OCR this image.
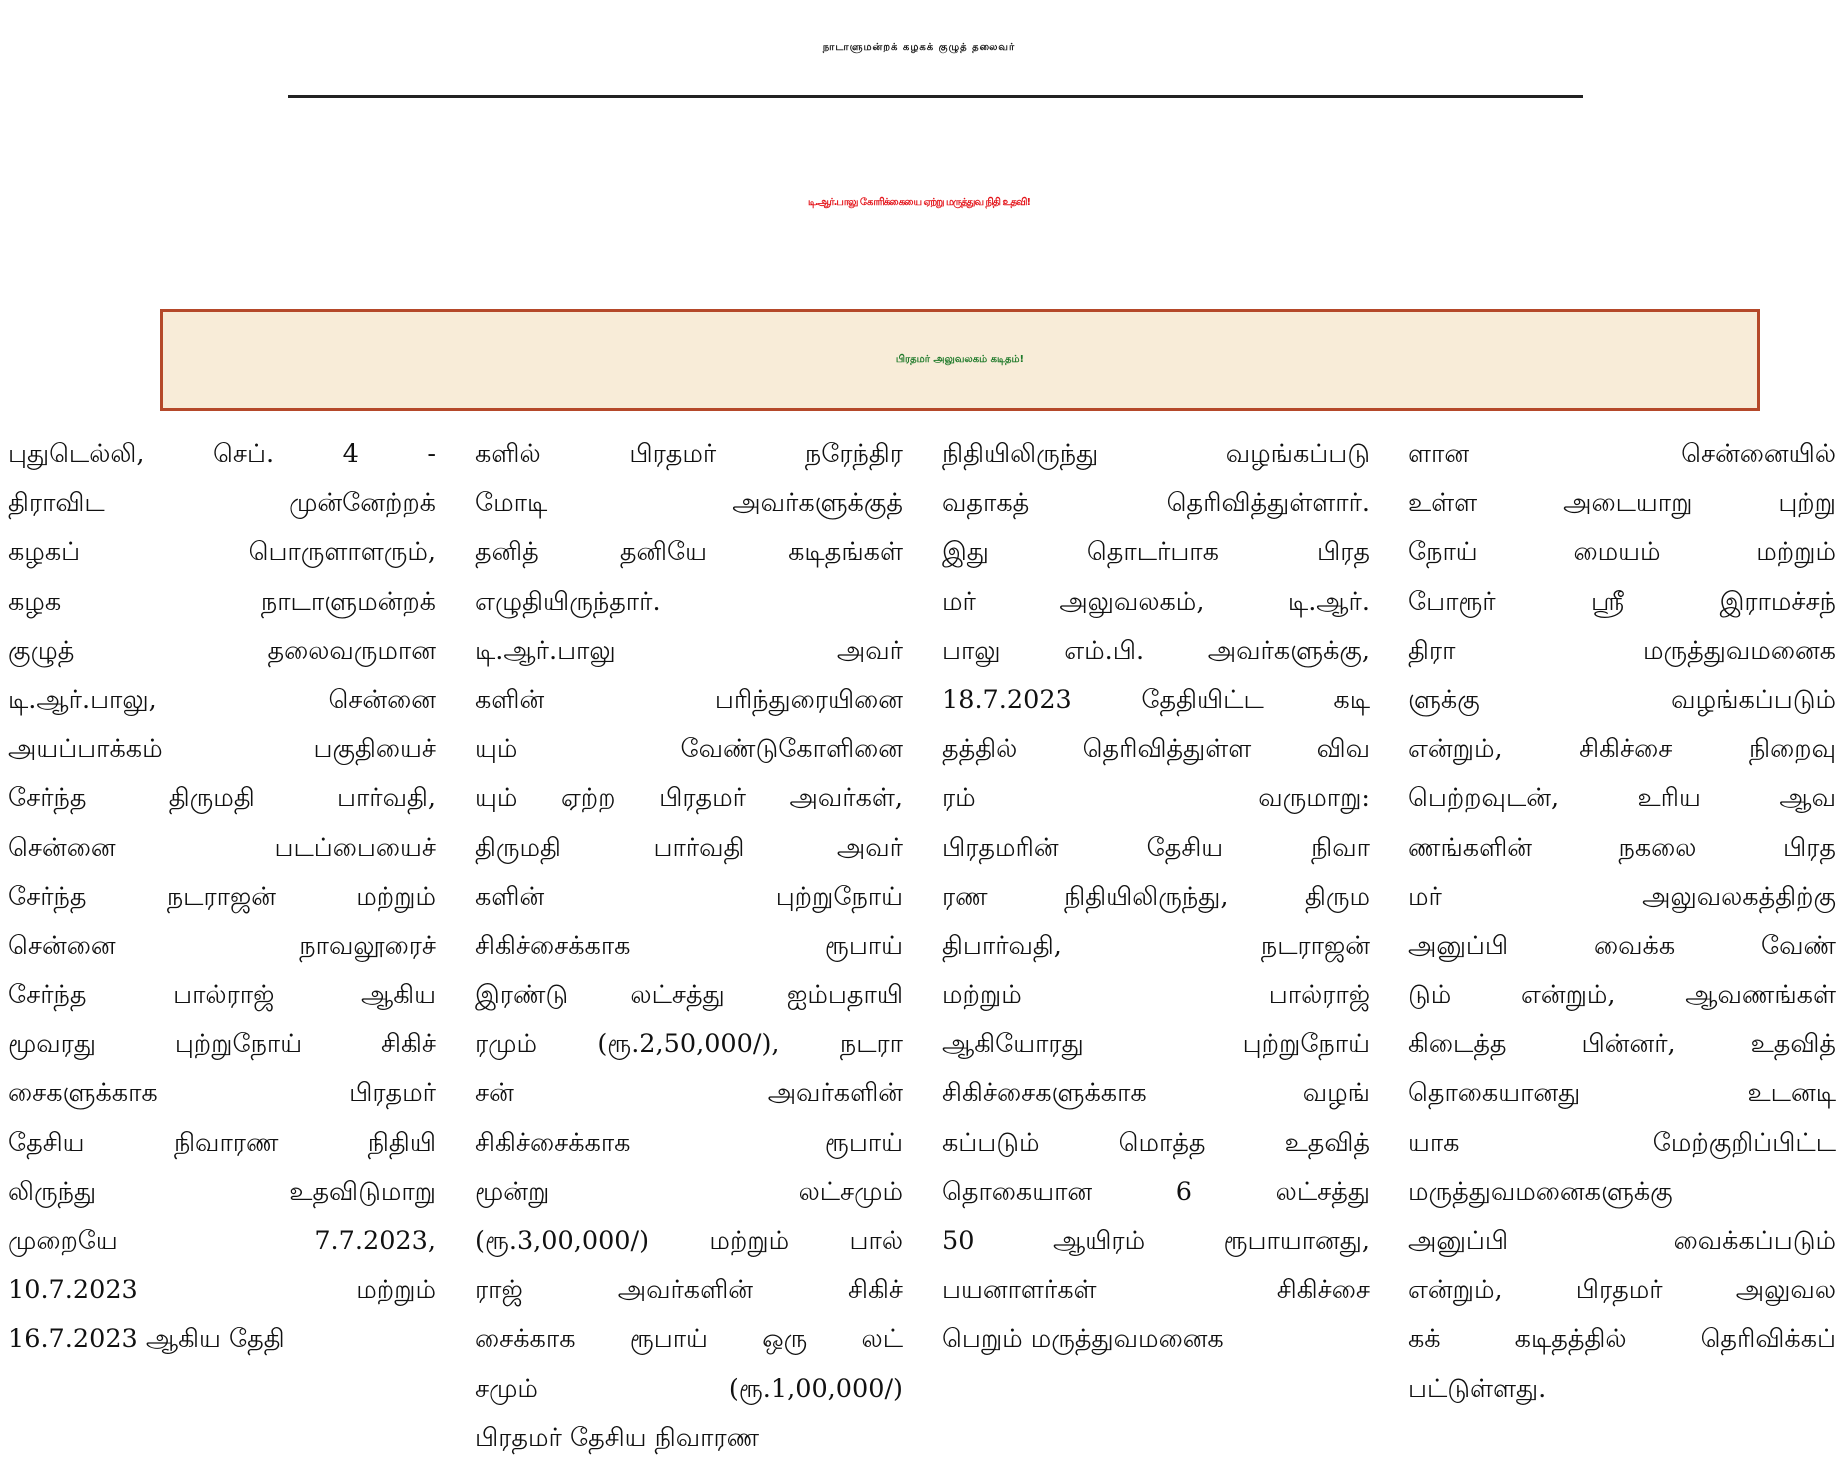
நாடாளுமன்றக் கழகக் குழுத் தலைவர்
டி.ஆர்.பாலு கோரிக்கையை ஏற்று மருத்துவ நிதி உதவி!
பிரதமர் அலுவலகம் கடிதம்!
புதுடெல்லி, செப். 4 -
திராவிட முன்னேற்றக்
கழகப் பொருளாளரும்,
கழக நாடாளுமன்றக்
குழுத் தலைவருமான
டி.ஆர்.பாலு, சென்னை
அயப்பாக்கம் பகுதியைச்
சேர்ந்த திருமதி பார்வதி,
சென்னை படப்பையைச்
சேர்ந்த நடராஜன் மற்றும்
சென்னை நாவலூரைச்
சேர்ந்த பால்ராஜ் ஆகிய
மூவரது புற்றுநோய் சிகிச்
சைகளுக்காக பிரதமர்
தேசிய நிவாரண நிதியி
லிருந்து உதவிடுமாறு
முறையே 7.7.2023,
10.7.2023 மற்றும்
16.7.2023 ஆகிய தேதி
களில் பிரதமர் நரேந்திர
மோடி அவர்களுக்குத்
தனித் தனியே கடிதங்கள்
எழுதியிருந்தார்.
டி.ஆர்.பாலு அவர்
களின் பரிந்துரையினை
யும் வேண்டுகோளினை
யும் ஏற்ற பிரதமர் அவர்கள்,
திருமதி பார்வதி அவர்
களின் புற்றுநோய்
சிகிச்சைக்காக ரூபாய்
இரண்டு லட்சத்து ஐம்பதாயி
ரமும் (ரூ.2,50,000/), நடரா
சன் அவர்களின்
சிகிச்சைக்காக ரூபாய்
மூன்று லட்சமும்
(ரூ.3,00,000/) மற்றும் பால்
ராஜ் அவர்களின் சிகிச்
சைக்காக ரூபாய் ஒரு லட்
சமும் (ரூ.1,00,000/)
பிரதமர் தேசிய நிவாரண
நிதியிலிருந்து வழங்கப்படு
வதாகத் தெரிவித்துள்ளார்.
இது தொடர்பாக பிரத
மர் அலுவலகம், டி.ஆர்.
பாலு எம்.பி. அவர்களுக்கு,
18.7.2023 தேதியிட்ட கடி
தத்தில் தெரிவித்துள்ள விவ
ரம் வருமாறு:
பிரதமரின் தேசிய நிவா
ரண நிதியிலிருந்து, திரும
திபார்வதி, நடராஜன்
மற்றும் பால்ராஜ்
ஆகியோரது புற்றுநோய்
சிகிச்சைகளுக்காக வழங்
கப்படும் மொத்த உதவித்
தொகையான 6 லட்சத்து
50 ஆயிரம் ரூபாயானது,
பயனாளர்கள் சிகிச்சை
பெறும் மருத்துவமனைக
ளான சென்னையில்
உள்ள அடையாறு புற்று
நோய் மையம் மற்றும்
போரூர் ஸ்ரீ இராமச்சந்
திரா மருத்துவமனைக
ளுக்கு வழங்கப்படும்
என்றும், சிகிச்சை நிறைவு
பெற்றவுடன், உரிய ஆவ
ணங்களின் நகலை பிரத
மர் அலுவலகத்திற்கு
அனுப்பி வைக்க வேண்
டும் என்றும், ஆவணங்கள்
கிடைத்த பின்னர், உதவித்
தொகையானது உடனடி
யாக மேற்குறிப்பிட்ட
மருத்துவமனைகளுக்கு
அனுப்பி வைக்கப்படும்
என்றும், பிரதமர் அலுவல
கக் கடிதத்தில் தெரிவிக்கப்
பட்டுள்ளது.
